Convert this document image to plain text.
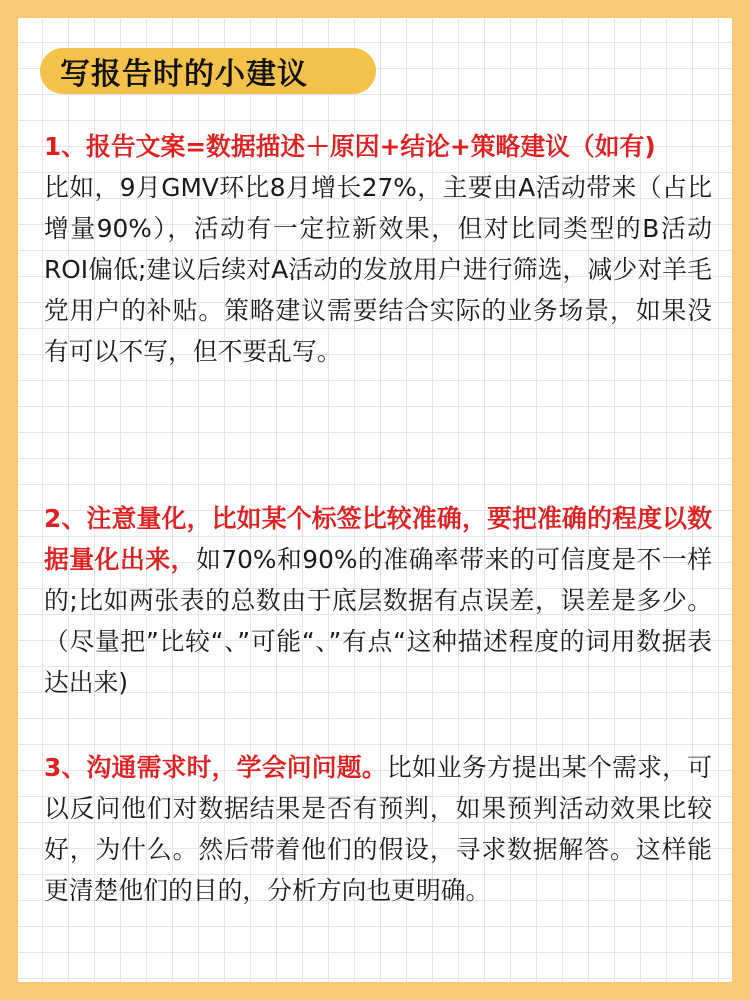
写报告时的小建议
1、报告文案=数据描述＋原因+结论+策略建议（如有)
比如，9月GMV环比8月增长27%，主要由A活动带来（占比增量90%），活动有一定拉新效果，但对比同类型的B活动ROI偏低;建议后续对A活动的发放用户进行筛选，减少对羊毛党用户的补贴。策略建议需要结合实际的业务场景，如果没有可以不写，但不要乱写。
2、注意量化，比如某个标签比较准确，要把准确的程度以数据量化出来，如70%和90%的准确率带来的可信度是不一样的;比如两张表的总数由于底层数据有点误差，误差是多少。（尽量把”比较“、”可能“、”有点“这种描述程度的词用数据表达出来)
3、沟通需求时，学会问问题。比如业务方提出某个需求，可以反问他们对数据结果是否有预判，如果预判活动效果比较好，为什么。然后带着他们的假设，寻求数据解答。这样能更清楚他们的目的，分析方向也更明确。
